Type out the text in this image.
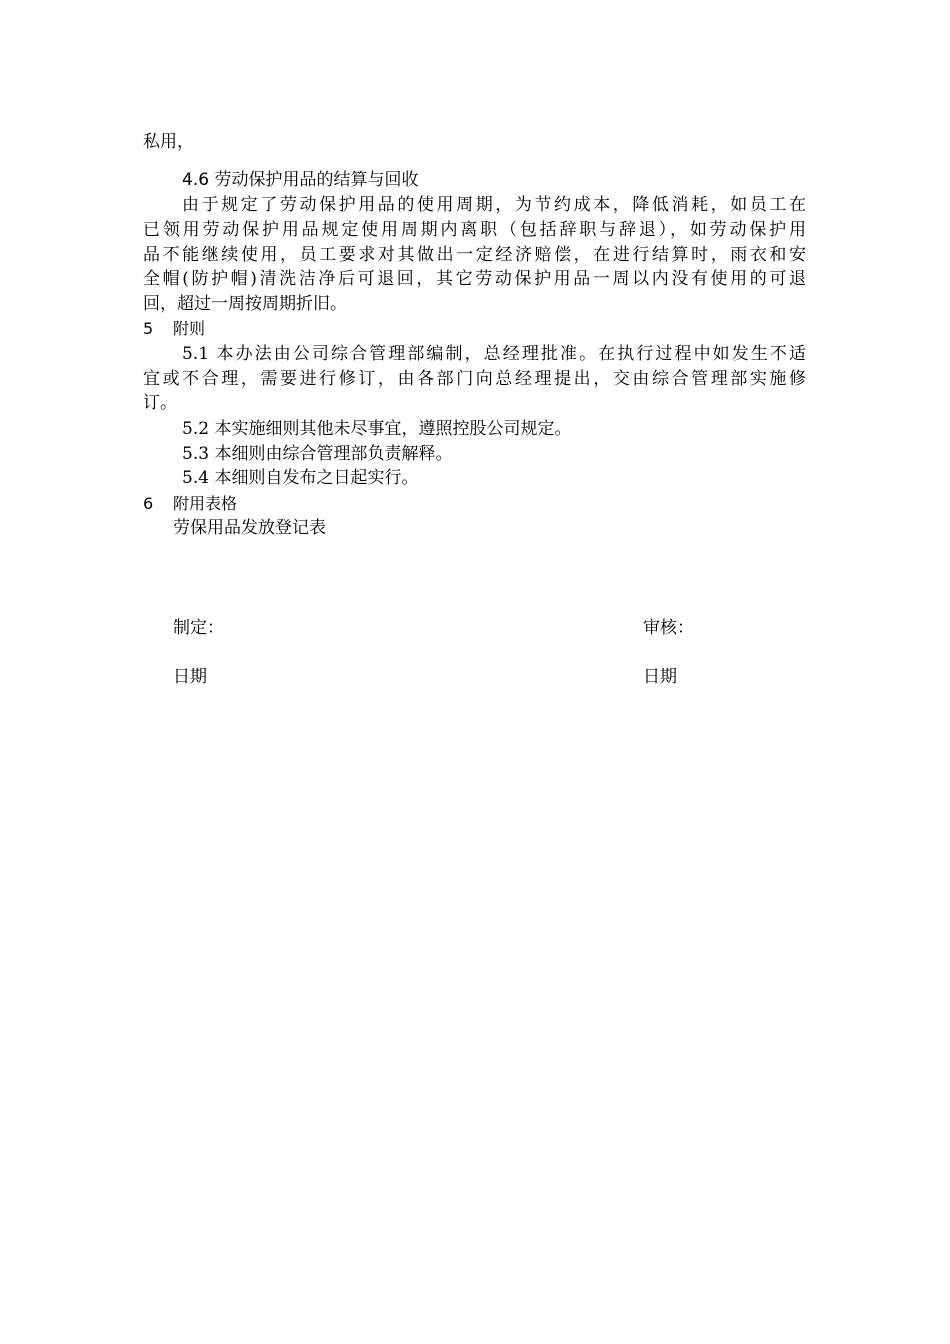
私用，
4.6 劳动保护用品的结算与回收
由于规定了劳动保护用品的使用周期，为节约成本，降低消耗，如员工在
已领用劳动保护用品规定使用周期内离职（包括辞职与辞退），如劳动保护用
品不能继续使用，员工要求对其做出一定经济赔偿，在进行结算时，雨衣和安
全帽(防护帽)清洗洁净后可退回，其它劳动保护用品一周以内没有使用的可退
回，超过一周按周期折旧。
5 附则
5.1 本办法由公司综合管理部编制，总经理批准。在执行过程中如发生不适
宜或不合理，需要进行修订，由各部门向总经理提出，交由综合管理部实施修
订。
5.2 本实施细则其他未尽事宜，遵照控股公司规定。
5.3 本细则由综合管理部负责解释。
5.4 本细则自发布之日起实行。
6 附用表格
劳保用品发放登记表
制定：	审核：
日期	日期
